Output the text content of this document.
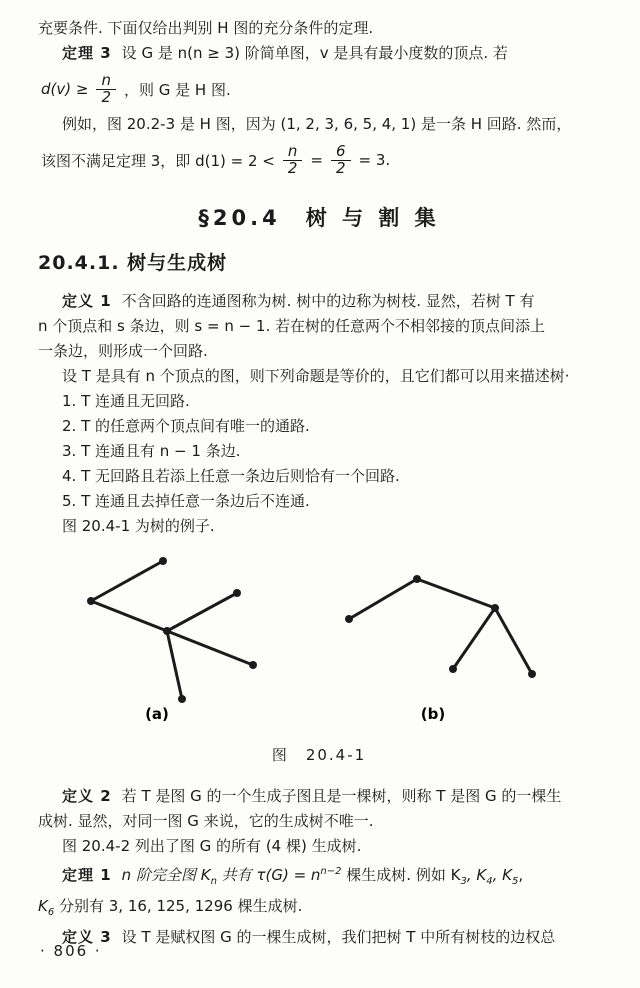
充要条件. 下面仅给出判别 H 图的充分条件的定理.

定理 3 设 G 是 n(n ≥ 3) 阶简单图，v 是具有最小度数的顶点. 若

$d(v) \ge \frac{n}{2}$ ，则 G 是 H 图.

例如，图 20.2-3 是 H 图，因为 (1, 2, 3, 6, 5, 4, 1) 是一条 H 回路. 然而，

该图不满足定理 3，即 $d(1) = 2 < \frac{n}{2} = \frac{6}{2} = 3$.
§20.4　树 与 割 集
20.4.1. 树与生成树

定义 1 不含回路的连通图称为树. 树中的边称为树枝. 显然，若树 T 有

n 个顶点和 s 条边，则 s = n − 1. 若在树的任意两个不相邻接的顶点间添上

一条边，则形成一个回路.

设 T 是具有 n 个顶点的图，则下列命题是等价的，且它们都可以用来描述树·

1. T 连通且无回路.

2. T 的任意两个顶点间有唯一的通路.

3. T 连通且有 n − 1 条边.

4. T 无回路且若添上任意一条边后则恰有一个回路.

5. T 连通且去掉任意一条边后不连通.

图 20.4-1 为树的例子.

(a)	(b)

图　20.4-1

定义 2 若 T 是图 G 的一个生成子图且是一棵树，则称 T 是图 G 的一棵生

成树. 显然，对同一图 G 来说，它的生成树不唯一.

图 20.4-2 列出了图 G 的所有 (4 棵) 生成树.

定理 1 n 阶完全图 $K_n$ 共有 $\tau(G) = n^{n-2}$ 棵生成树. 例如 $K_3$, $K_4$, $K_5$,

$K_6$ 分别有 3, 16, 125, 1296 棵生成树.

定义 3 设 T 是赋权图 G 的一棵生成树，我们把树 T 中所有树枝的边权总

· 806 ·
